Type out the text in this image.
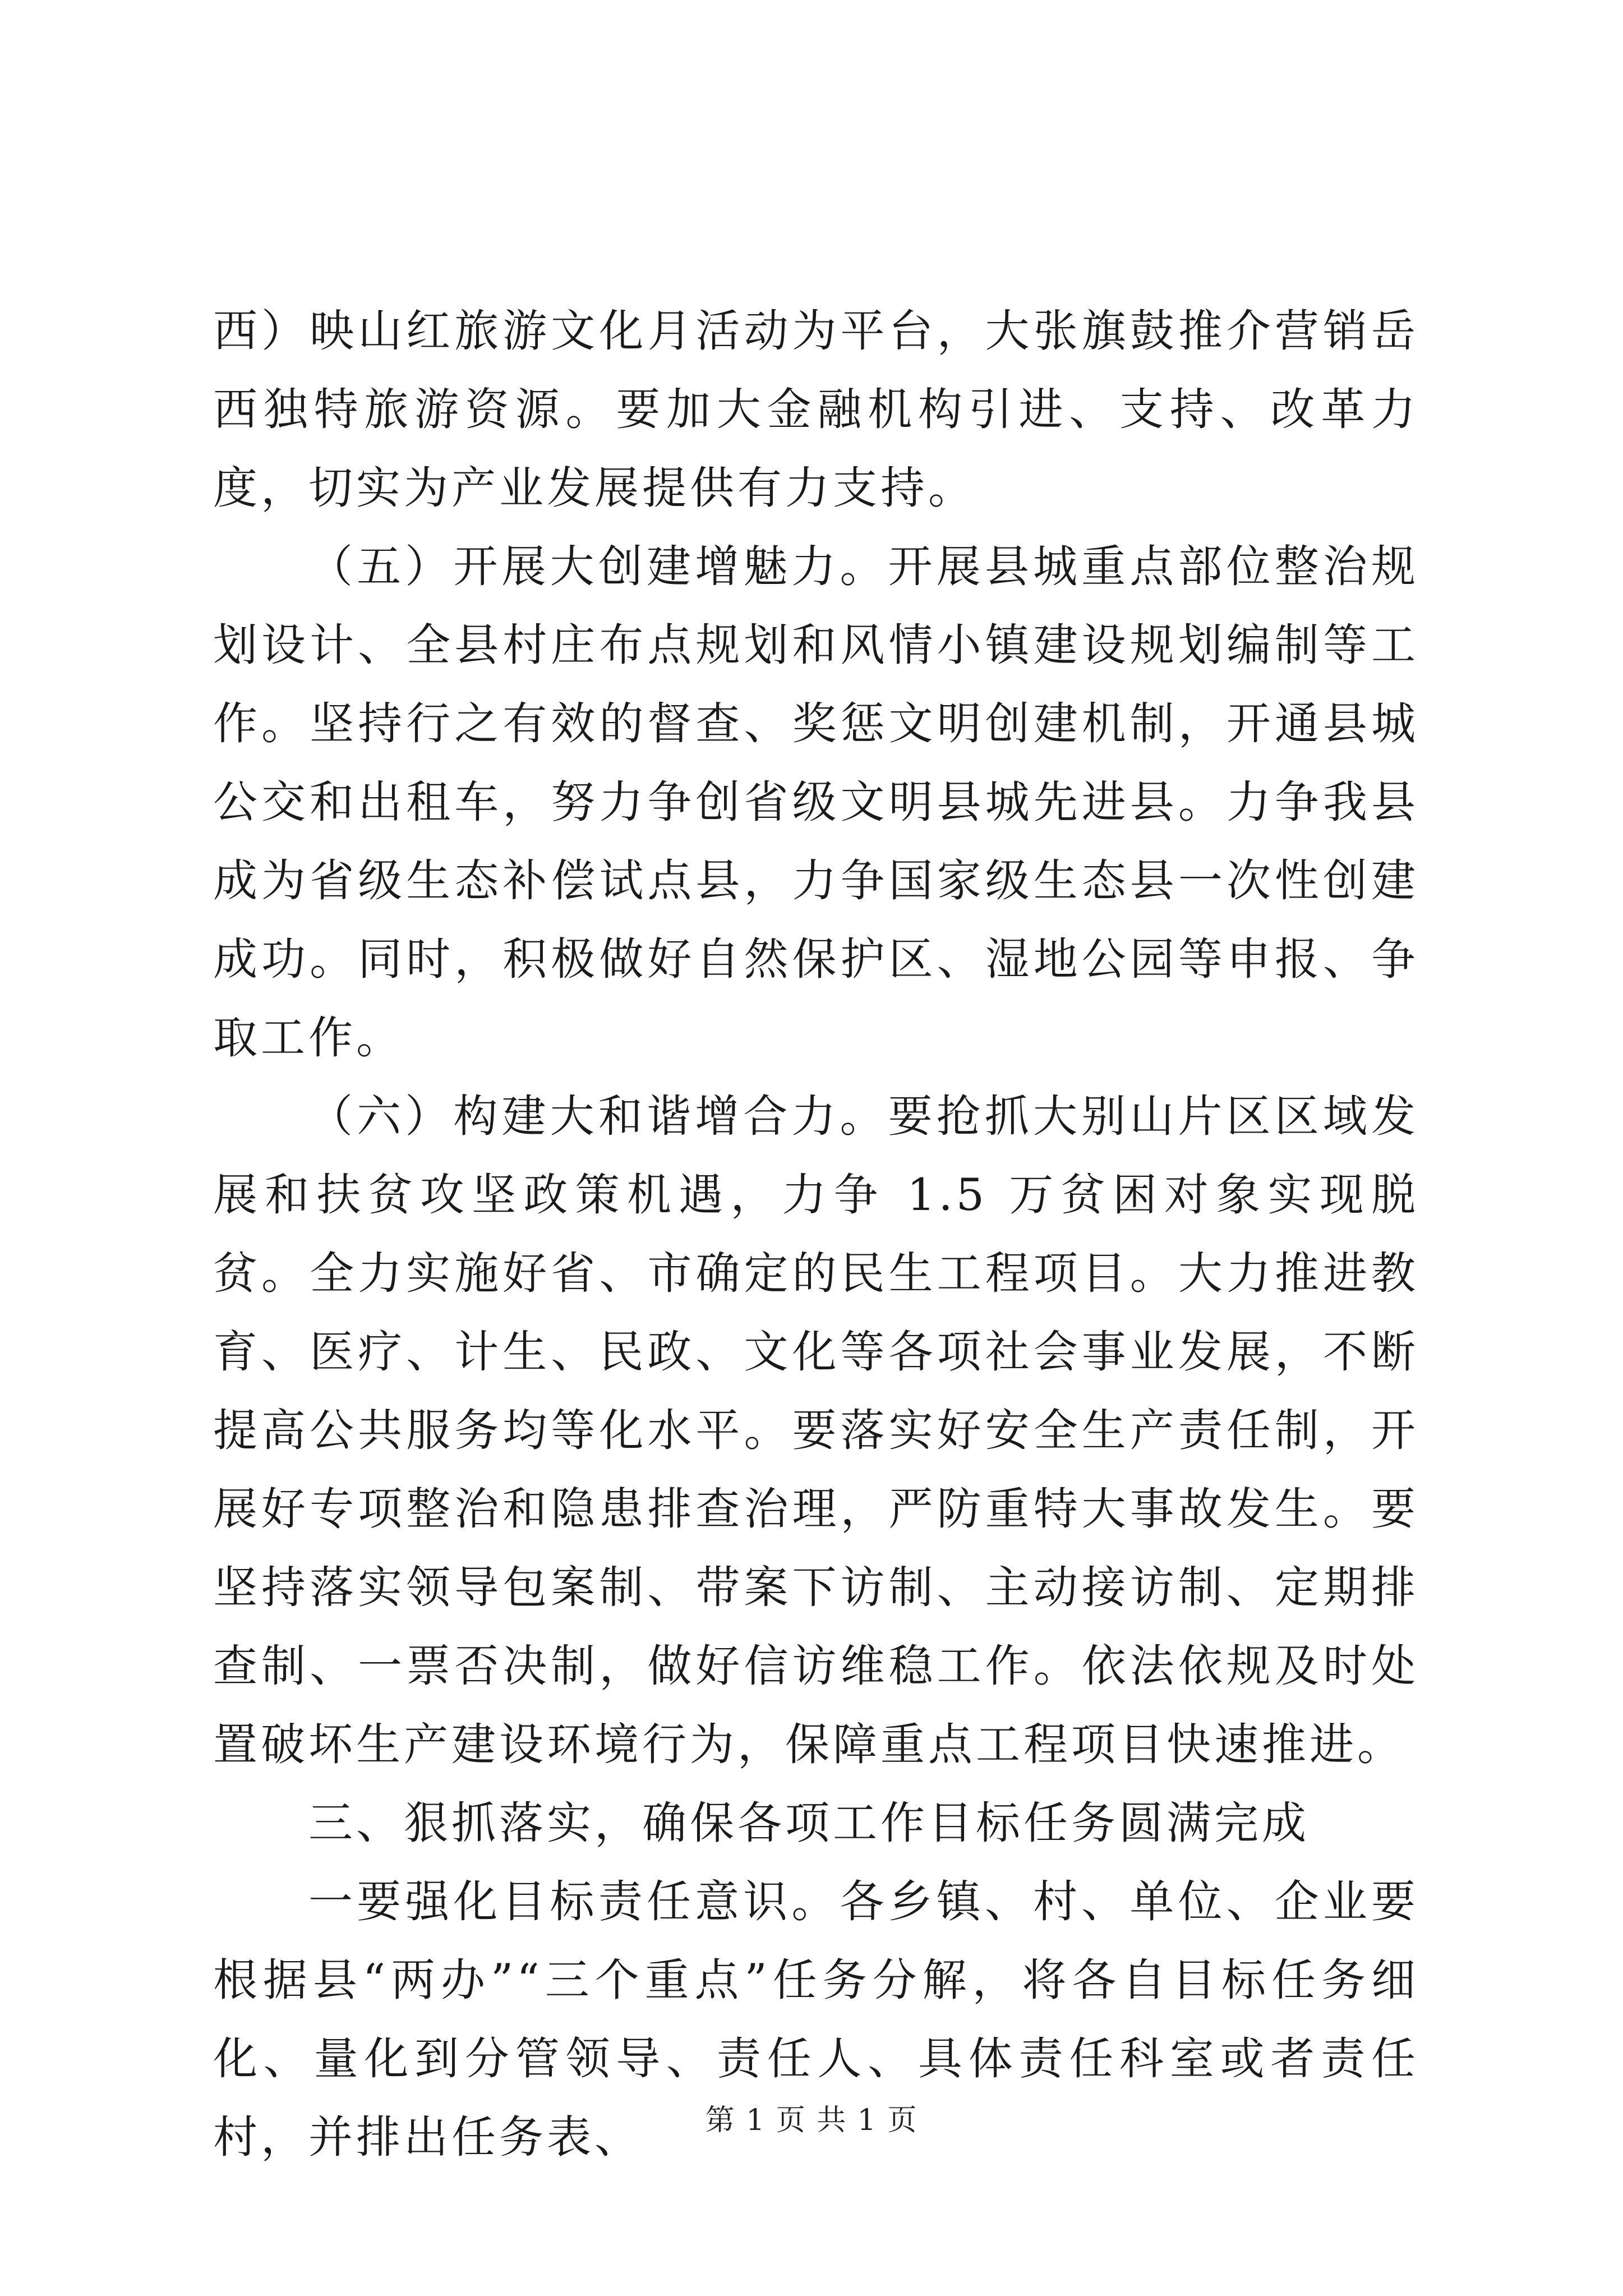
西）映山红旅游文化月活动为平台，大张旗鼓推介营销岳西独特旅游资源。要加大金融机构引进、支持、改革力度，切实为产业发展提供有力支持。

（五）开展大创建增魅力。开展县城重点部位整治规划设计、全县村庄布点规划和风情小镇建设规划编制等工作。坚持行之有效的督查、奖惩文明创建机制，开通县城公交和出租车，努力争创省级文明县城先进县。力争我县成为省级生态补偿试点县，力争国家级生态县一次性创建成功。同时，积极做好自然保护区、湿地公园等申报、争取工作。

（六）构建大和谐增合力。要抢抓大别山片区区域发展和扶贫攻坚政策机遇，力争 1.5 万贫困对象实现脱贫。全力实施好省、市确定的民生工程项目。大力推进教育、医疗、计生、民政、文化等各项社会事业发展，不断提高公共服务均等化水平。要落实好安全生产责任制，开展好专项整治和隐患排查治理，严防重特大事故发生。要坚持落实领导包案制、带案下访制、主动接访制、定期排查制、一票否决制，做好信访维稳工作。依法依规及时处置破坏生产建设环境行为，保障重点工程项目快速推进。

三、狠抓落实，确保各项工作目标任务圆满完成

一要强化目标责任意识。各乡镇、村、单位、企业要根据县“两办”“三个重点”任务分解，将各自目标任务细化、量化到分管领导、责任人、具体责任科室或者责任村，并排出任务表、	第 1 页 共 1 页
